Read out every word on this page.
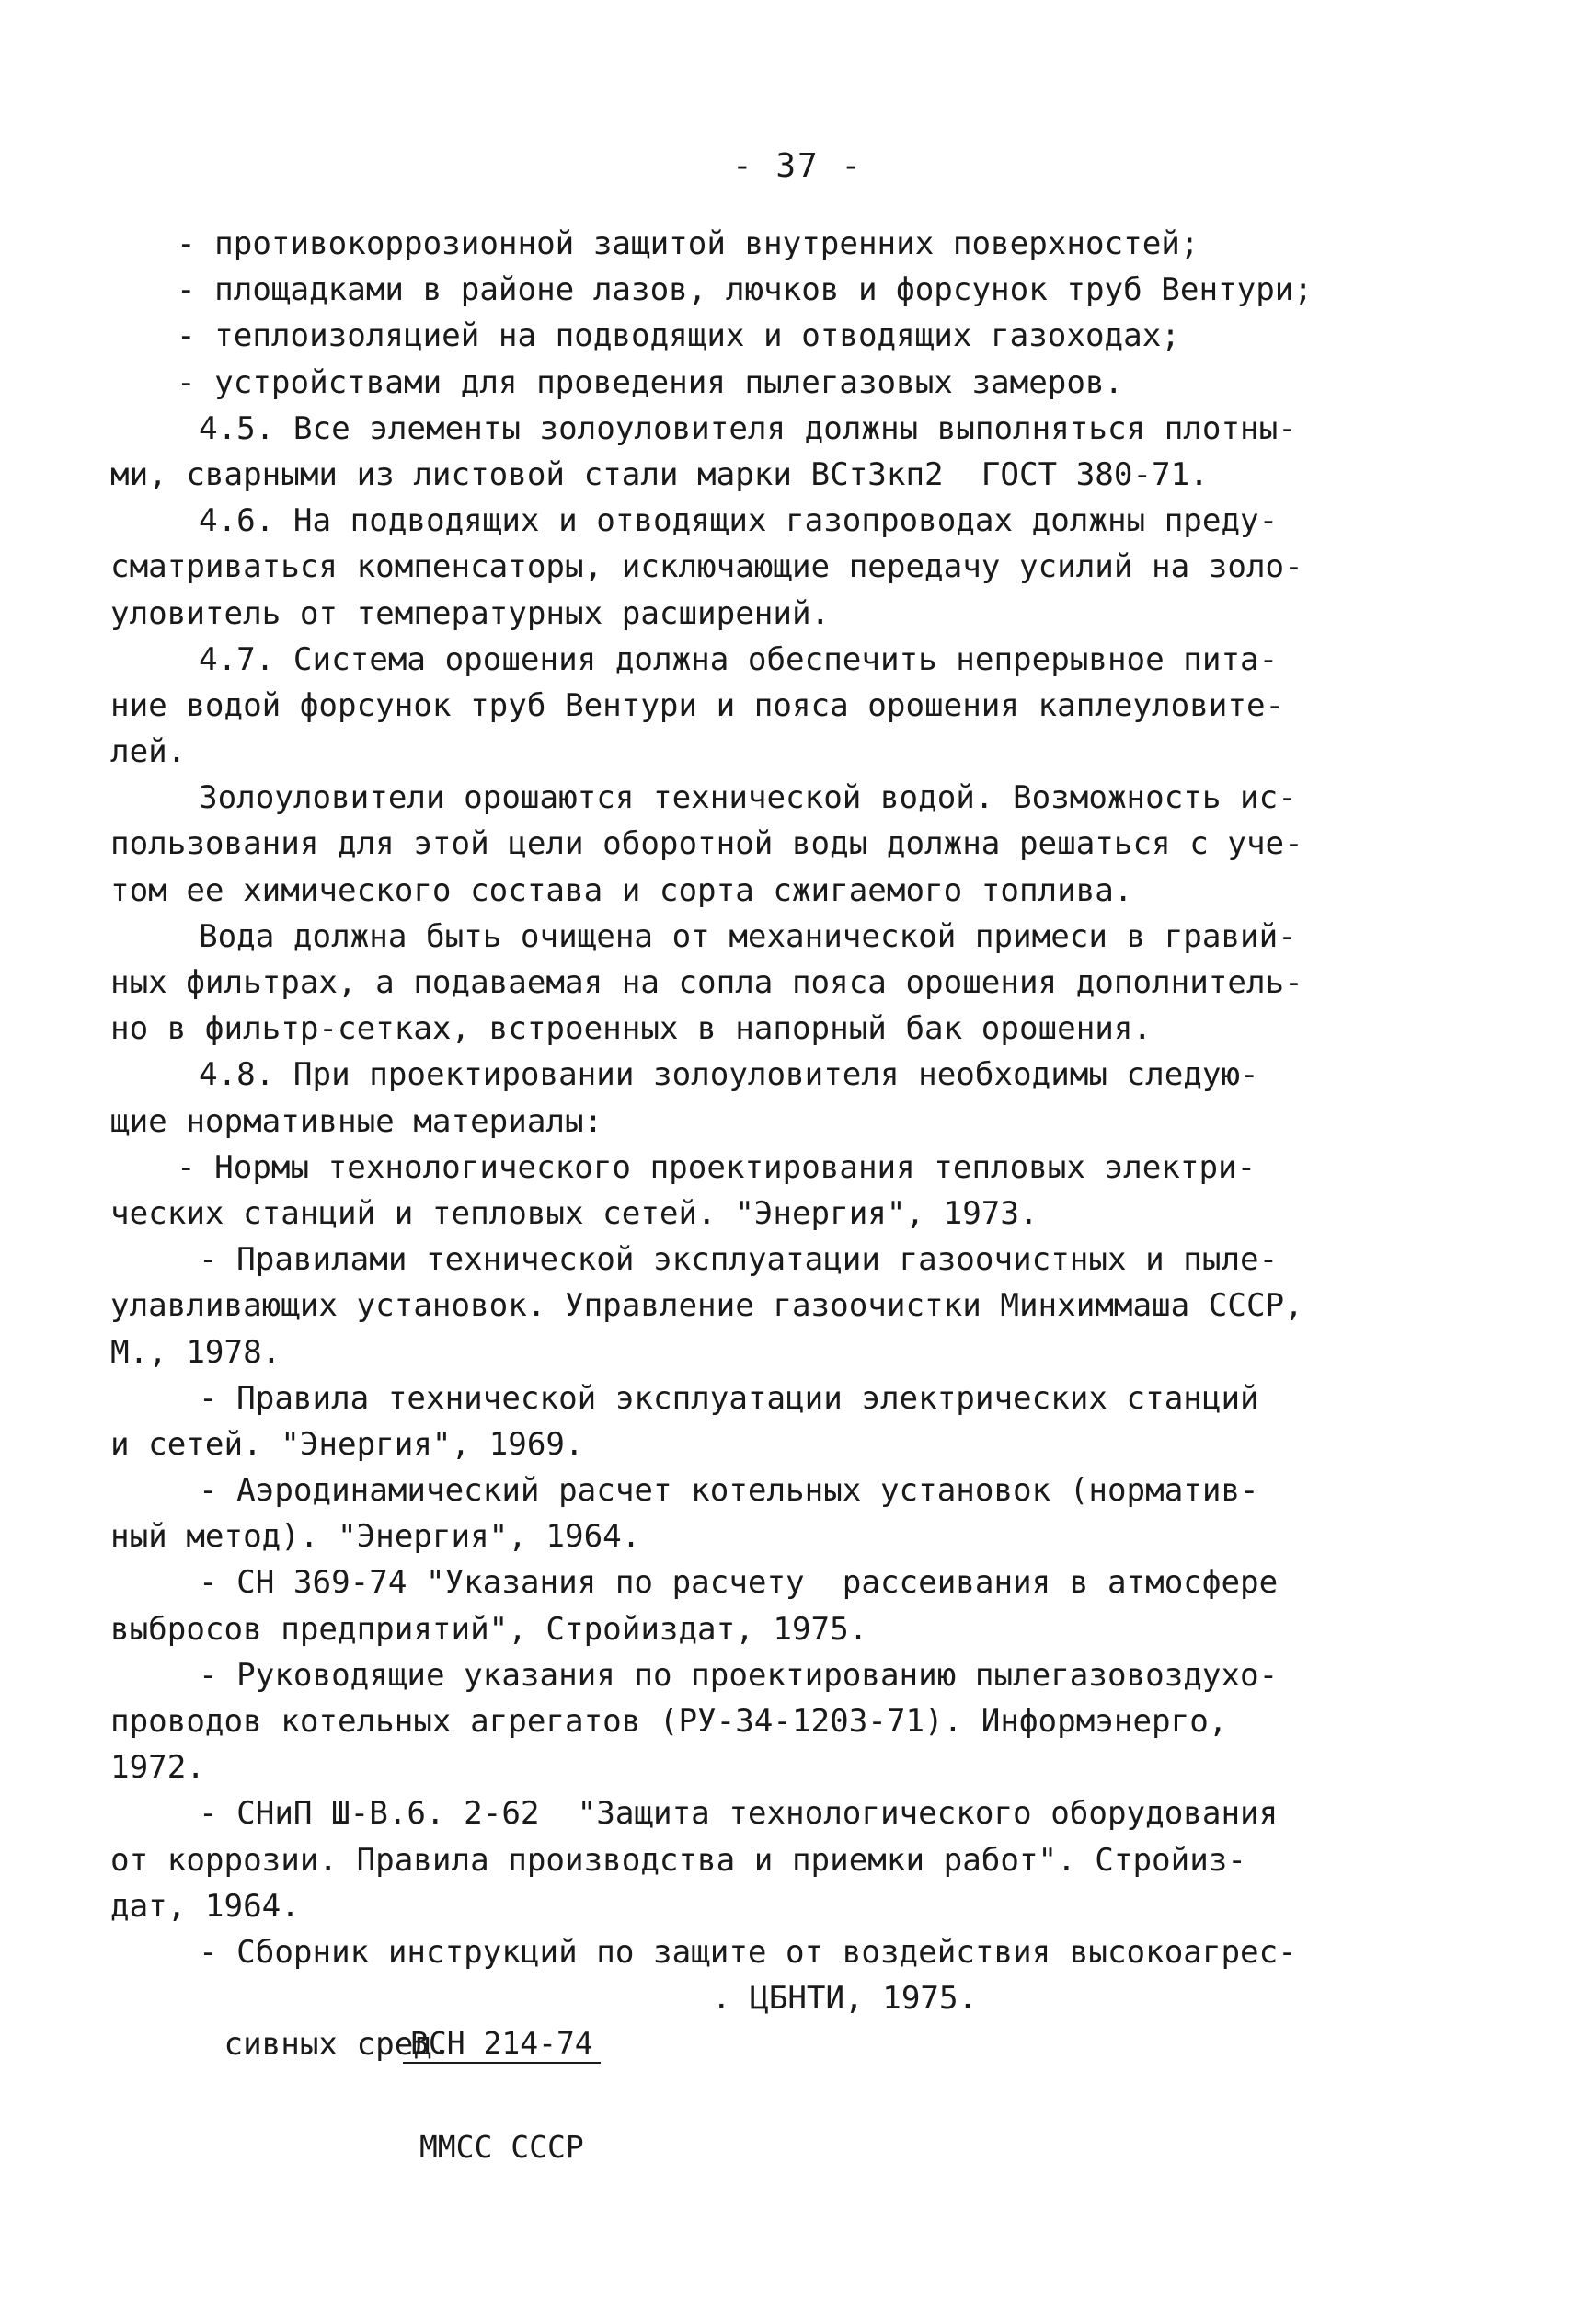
- 37 -
- противокоррозионной защитой внутренних поверхностей;
- площадками в районе лазов, лючков и форсунок труб Вентури;
- теплоизоляцией на подводящих и отводящих газоходах;
- устройствами для проведения пылегазовых замеров.
4.5. Все элементы золоуловителя должны выполняться плотны-
ми, сварными из листовой стали марки ВСтЗкп2  ГОСТ 380-71.
4.6. На подводящих и отводящих газопроводах должны преду-
сматриваться компенсаторы, исключающие передачу усилий на золо-
уловитель от температурных расширений.
4.7. Система орошения должна обеспечить непрерывное пита-
ние водой форсунок труб Вентури и пояса орошения каплеуловите-
лей.
Золоуловители орошаются технической водой. Возможность ис-
пользования для этой цели оборотной воды должна решаться с уче-
том ее химического состава и сорта сжигаемого топлива.
Вода должна быть очищена от механической примеси в гравий-
ных фильтрах, а подаваемая на сопла пояса орошения дополнитель-
но в фильтр-сетках, встроенных в напорный бак орошения.
4.8. При проектировании золоуловителя необходимы следую-
щие нормативные материалы:
- Нормы технологического проектирования тепловых электри-
ческих станций и тепловых сетей. "Энергия", 1973.
- Правилами технической эксплуатации газоочистных и пыле-
улавливающих установок. Управление газоочистки Минхиммаша СССР,
М., 1978.
- Правила технической эксплуатации электрических станций
и сетей. "Энергия", 1969.
- Аэродинамический расчет котельных установок (норматив-
ный метод). "Энергия", 1964.
- СН 369-74 "Указания по расчету  рассеивания в атмосфере
выбросов предприятий", Стройиздат, 1975.
- Руководящие указания по проектированию пылегазовоздухо-
проводов котельных агрегатов (РУ-34-1203-71). Информэнерго,
1972.
- СНиП Ш-В.6. 2-62  "Защита технологического оборудования
от коррозии. Правила производства и приемки работ". Стройиз-
дат, 1964.
- Сборник инструкций по защите от воздействия высокоагрес-

сивных сред.

ВСН 214-74

ММСС СССР

. ЦБНТИ, 1975.
